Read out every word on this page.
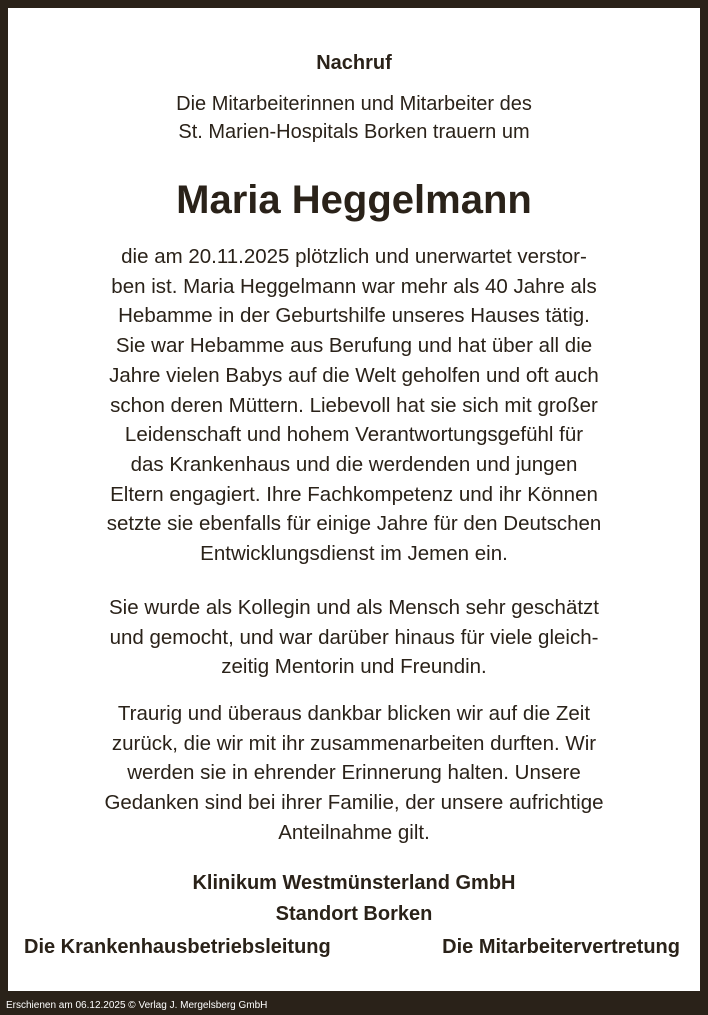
Nachruf
Die Mitarbeiterinnen und Mitarbeiter des
St. Marien-Hospitals Borken trauern um
Maria Heggelmann
die am 20.11.2025 plötzlich und unerwartet verstor-
ben ist. Maria Heggelmann war mehr als 40 Jahre als
Hebamme in der Geburtshilfe unseres Hauses tätig.
Sie war Hebamme aus Berufung und hat über all die
Jahre vielen Babys auf die Welt geholfen und oft auch
schon deren Müttern. Liebevoll hat sie sich mit großer
Leidenschaft und hohem Verantwortungsgefühl für
das Krankenhaus und die werdenden und jungen
Eltern engagiert. Ihre Fachkompetenz und ihr Können
setzte sie ebenfalls für einige Jahre für den Deutschen
Entwicklungsdienst im Jemen ein.
Sie wurde als Kollegin und als Mensch sehr geschätzt
und gemocht, und war darüber hinaus für viele gleich-
zeitig Mentorin und Freundin.
Traurig und überaus dankbar blicken wir auf die Zeit
zurück, die wir mit ihr zusammenarbeiten durften. Wir
werden sie in ehrender Erinnerung halten. Unsere
Gedanken sind bei ihrer Familie, der unsere aufrichtige
Anteilnahme gilt.
Klinikum Westmünsterland GmbH
Standort Borken
Die Krankenhausbetriebsleitung	Die Mitarbeitervertretung
Erschienen am 06.12.2025 © Verlag J. Mergelsberg GmbH
